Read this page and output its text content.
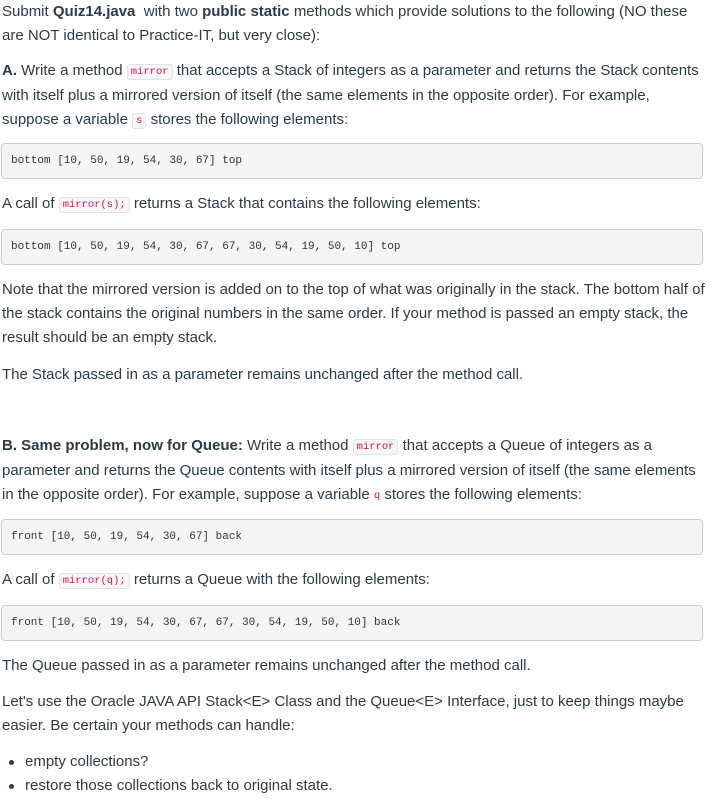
Submit Quiz14.java with two public static methods which provide solutions to the following (NO these are NOT identical to Practice-IT, but very close):

A. Write a method mirror that accepts a Stack of integers as a parameter and returns the Stack contents with itself plus a mirrored version of itself (the same elements in the opposite order). For example, suppose a variable s stores the following elements:

bottom [10, 50, 19, 54, 30, 67] top

A call of mirror(s); returns a Stack that contains the following elements:

bottom [10, 50, 19, 54, 30, 67, 67, 30, 54, 19, 50, 10] top

Note that the mirrored version is added on to the top of what was originally in the stack. The bottom half of the stack contains the original numbers in the same order. If your method is passed an empty stack, the result should be an empty stack.

The Stack passed in as a parameter remains unchanged after the method call.

B. Same problem, now for Queue: Write a method mirror that accepts a Queue of integers as a parameter and returns the Queue contents with itself plus a mirrored version of itself (the same elements in the opposite order). For example, suppose a variable q stores the following elements:

front [10, 50, 19, 54, 30, 67] back

A call of mirror(q); returns a Queue with the following elements:

front [10, 50, 19, 54, 30, 67, 67, 30, 54, 19, 50, 10] back

The Queue passed in as a parameter remains unchanged after the method call.

Let's use the Oracle JAVA API Stack<E> Class and the Queue<E> Interface, just to keep things maybe easier. Be certain your methods can handle:

empty collections?
restore those collections back to original state.
